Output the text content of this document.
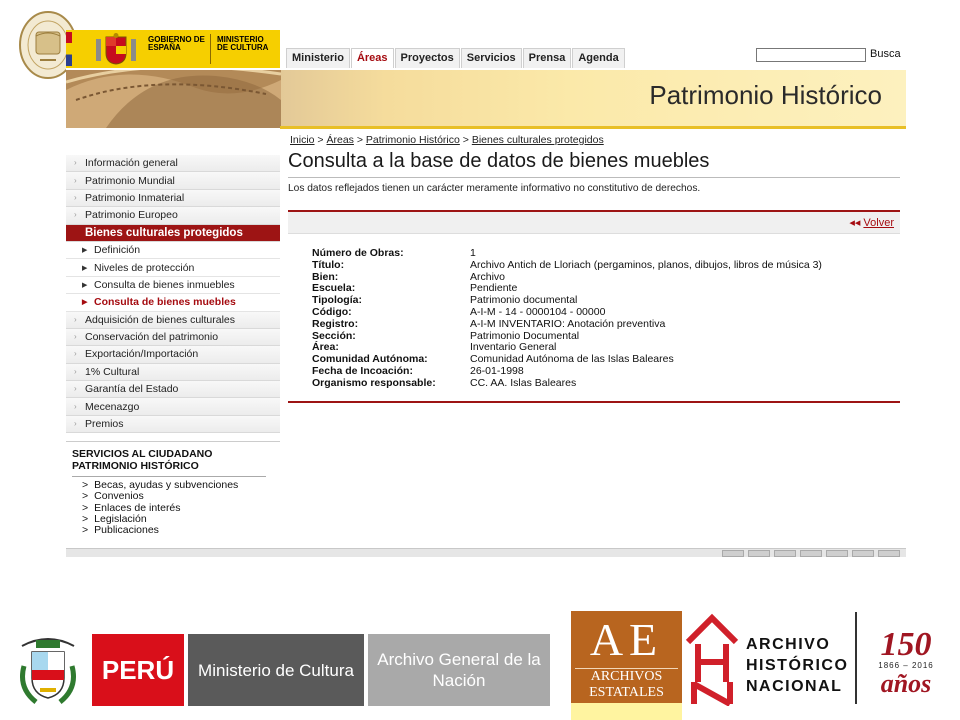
GOBIERNO DE ESPAÑA
MINISTERIO DE CULTURA
Ministerio	Áreas	Proyectos	Servicios	Prensa	Agenda	Busca
Patrimonio Histórico
› Información general
› Patrimonio Mundial
› Patrimonio Inmaterial
› Patrimonio Europeo
Bienes culturales protegidos
▶ Definición
▶ Niveles de protección
▶ Consulta de bienes inmuebles
▶ Consulta de bienes muebles
› Adquisición de bienes culturales
› Conservación del patrimonio
› Exportación/Importación
› 1% Cultural
› Garantía del Estado
› Mecenazgo
› Premios
SERVICIOS AL CIUDADANO PATRIMONIO HISTÓRICO
> Becas, ayudas y subvenciones
> Convenios
> Enlaces de interés
> Legislación
> Publicaciones
Inicio > Áreas > Patrimonio Histórico > Bienes culturales protegidos
Consulta a la base de datos de bienes muebles
Los datos reflejados tienen un carácter meramente informativo no constitutivo de derechos.
◂◂ Volver
Número de Obras:	1
Título:	Archivo Antich de Lloriach (pergaminos, planos, dibujos, libros de música 3)
Bien:	Archivo
Escuela:	Pendiente
Tipología:	Patrimonio documental
Código:	A-I-M - 14 - 0000104 - 00000
Registro:	A-I-M INVENTARIO: Anotación preventiva
Sección:	Patrimonio Documental
Área:	Inventario General
Comunidad Autónoma:	Comunidad Autónoma de las Islas Baleares
Fecha de Incoación:	26-01-1998
Organismo responsable:	CC. AA. Islas Baleares
PERÚ	Ministerio de Cultura
Archivo General de la Nación
AE
ARCHIVOS ESTATALES
ARCHIVO
HISTÓRICO
NACIONAL
150
1866 – 2016
años
